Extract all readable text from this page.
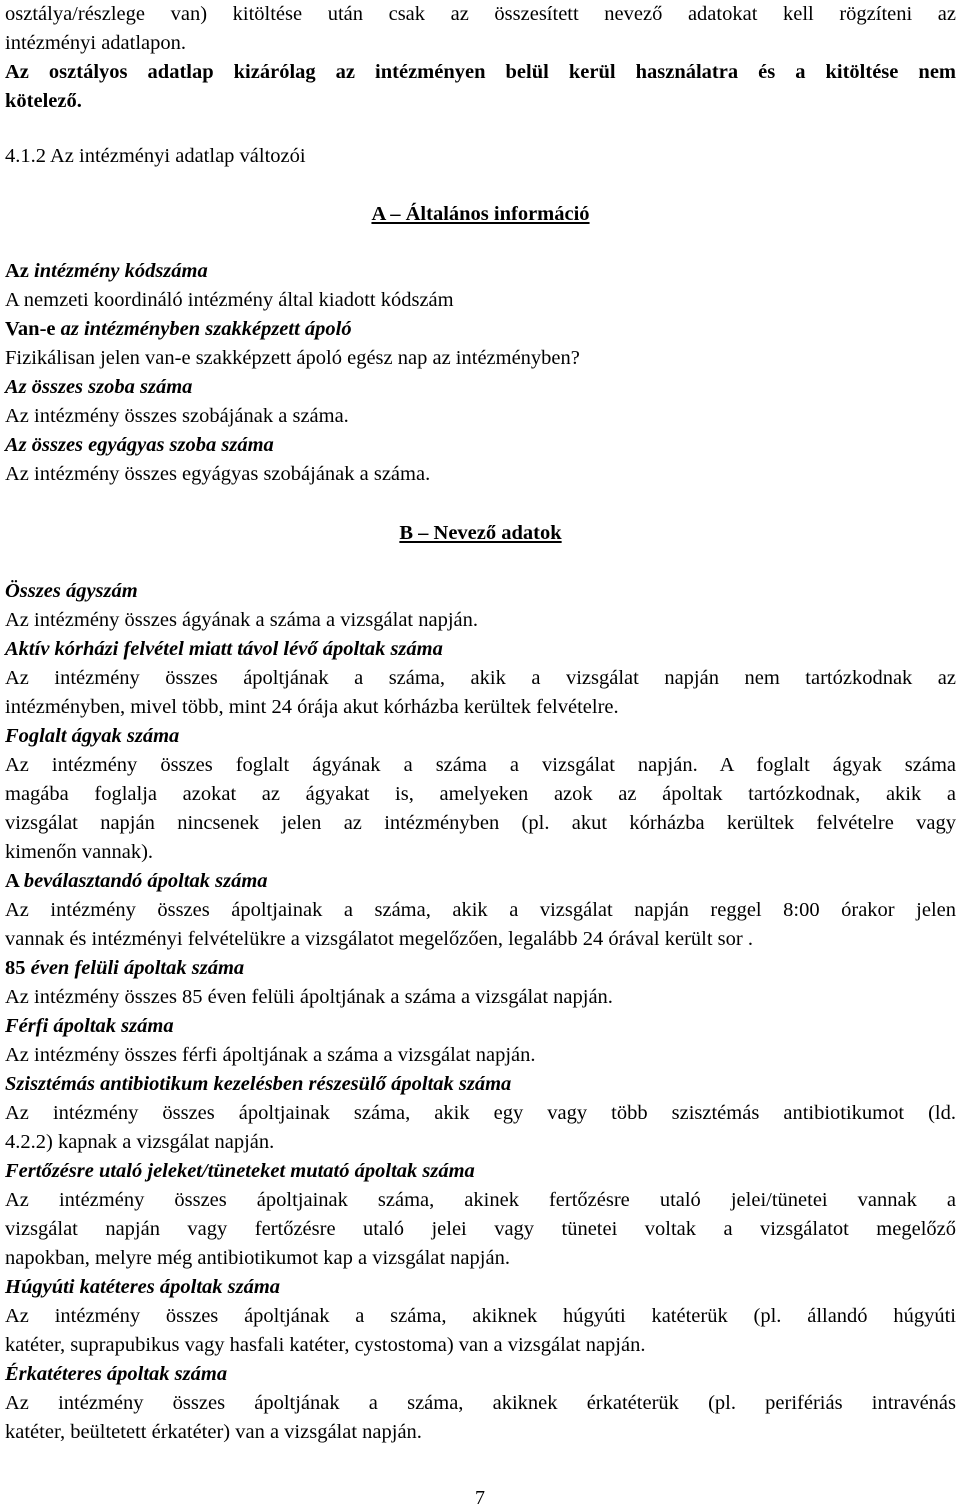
osztálya/részlege van) kitöltése után csak az összesített nevező adatokat kell rögzíteni az
intézményi adatlapon.
Az osztályos adatlap kizárólag az intézményen belül kerül használatra és a kitöltése nem
kötelező.
4.1.2 Az intézményi adatlap változói
A – Általános információ
Az intézmény kódszáma
A nemzeti koordináló intézmény által kiadott kódszám
Van-e az intézményben szakképzett ápoló
Fizikálisan jelen van-e szakképzett ápoló egész nap az intézményben?
Az összes szoba száma
Az intézmény összes szobájának a száma.
Az összes egyágyas szoba száma
Az intézmény összes egyágyas szobájának a száma.
B – Nevező adatok
Összes ágyszám
Az intézmény összes ágyának a száma a vizsgálat napján.
Aktív kórházi felvétel miatt távol lévő ápoltak száma
Az intézmény összes ápoltjának a száma, akik a vizsgálat napján nem tartózkodnak az
intézményben, mivel több, mint 24 órája akut kórházba kerültek felvételre.
Foglalt ágyak száma
Az intézmény összes foglalt ágyának a száma a vizsgálat napján. A foglalt ágyak száma
magába foglalja azokat az ágyakat is, amelyeken azok az ápoltak tartózkodnak, akik a
vizsgálat napján nincsenek jelen az intézményben (pl. akut kórházba kerültek felvételre vagy
kimenőn vannak).
A beválasztandó ápoltak száma
Az intézmény összes ápoltjainak a száma, akik a vizsgálat napján reggel 8:00 órakor jelen
vannak és intézményi felvételükre a vizsgálatot megelőzően, legalább 24 órával került sor .
85 éven felüli ápoltak száma
Az intézmény összes 85 éven felüli ápoltjának a száma a vizsgálat napján.
Férfi ápoltak száma
Az intézmény összes férfi ápoltjának a száma a vizsgálat napján.
Szisztémás antibiotikum kezelésben részesülő ápoltak száma
Az intézmény összes ápoltjainak száma, akik egy vagy több szisztémás antibiotikumot (ld.
4.2.2) kapnak a vizsgálat napján.
Fertőzésre utaló jeleket/tüneteket mutató ápoltak száma
Az intézmény összes ápoltjainak száma, akinek fertőzésre utaló jelei/tünetei vannak a
vizsgálat napján vagy fertőzésre utaló jelei vagy tünetei voltak a vizsgálatot megelőző
napokban, melyre még antibiotikumot kap a vizsgálat napján.
Húgyúti katéteres ápoltak száma
Az intézmény összes ápoltjának a száma, akiknek húgyúti katéterük (pl. állandó húgyúti
katéter, suprapubikus vagy hasfali katéter, cystostoma) van a vizsgálat napján.
Érkatéteres ápoltak száma
Az intézmény összes ápoltjának a száma, akiknek érkatéterük (pl. perifériás intravénás
katéter, beültetett érkatéter) van a vizsgálat napján.
7
